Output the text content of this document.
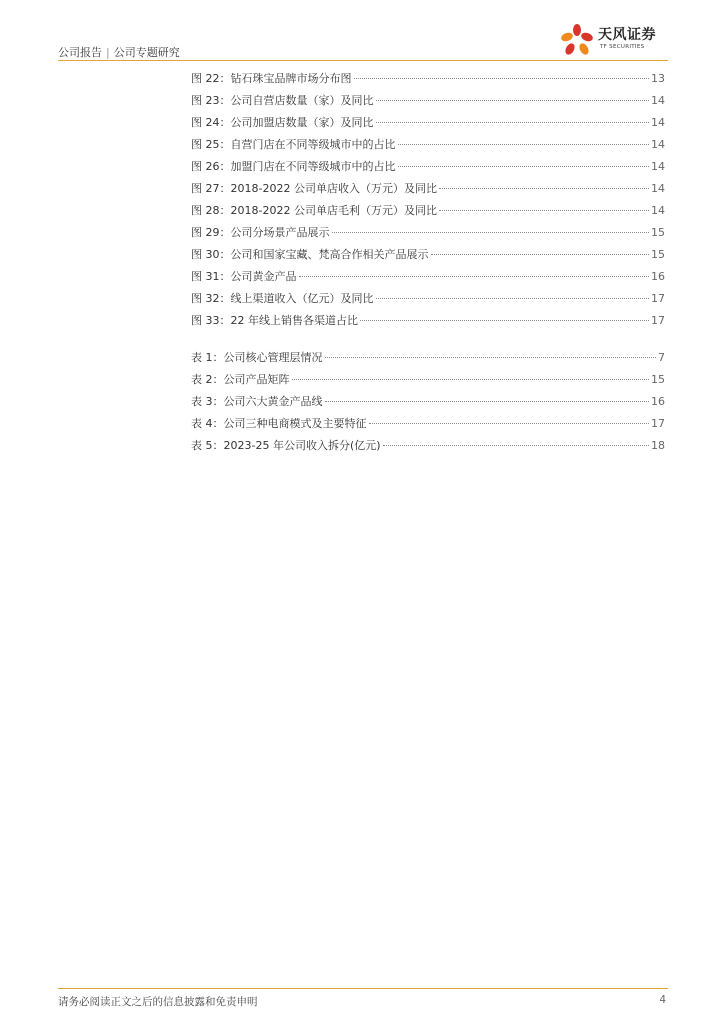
公司报告 | 公司专题研究
天风证券
TF SECURITIES
图 22：钻石珠宝品牌市场分布图	13
图 23：公司自营店数量（家）及同比	14
图 24：公司加盟店数量（家）及同比	14
图 25：自营门店在不同等级城市中的占比	14
图 26：加盟门店在不同等级城市中的占比	14
图 27：2018-2022 公司单店收入（万元）及同比	14
图 28：2018-2022 公司单店毛利（万元）及同比	14
图 29：公司分场景产品展示	15
图 30：公司和国家宝藏、梵高合作相关产品展示	15
图 31：公司黄金产品	16
图 32：线上渠道收入（亿元）及同比	17
图 33：22 年线上销售各渠道占比	17
表 1：公司核心管理层情况	7
表 2：公司产品矩阵	15
表 3：公司六大黄金产品线	16
表 4：公司三种电商模式及主要特征	17
表 5：2023-25 年公司收入拆分(亿元)	18
请务必阅读正文之后的信息披露和免责申明	4
